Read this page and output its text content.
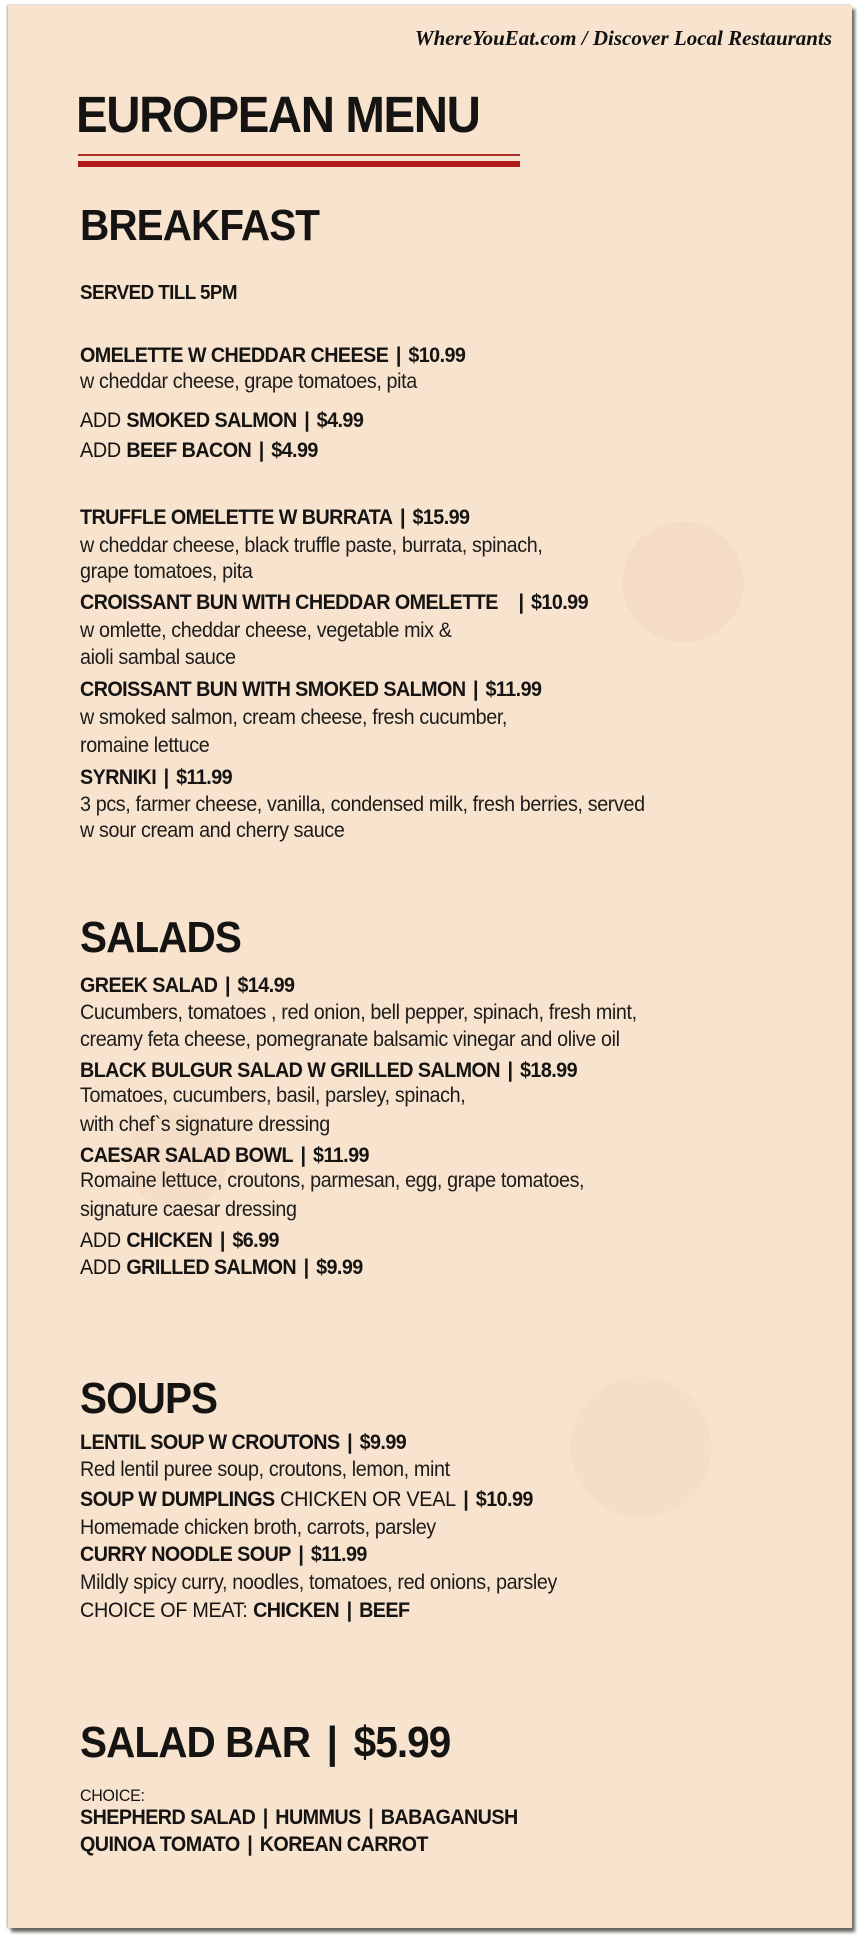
WhereYouEat.com / Discover Local Restaurants
EUROPEAN MENU
BREAKFAST
SERVED TILL 5PM
OMELETTE W CHEDDAR CHEESE | $10.99
w cheddar cheese, grape tomatoes, pita
ADD SMOKED SALMON | $4.99
ADD BEEF BACON | $4.99
TRUFFLE OMELETTE W BURRATA | $15.99
w cheddar cheese, black truffle paste, burrata, spinach,
grape tomatoes, pita
CROISSANT BUN WITH CHEDDAR OMELETTE | $10.99
w omlette, cheddar cheese, vegetable mix &
aioli sambal sauce
CROISSANT BUN WITH SMOKED SALMON | $11.99
w smoked salmon, cream cheese, fresh cucumber,
romaine lettuce
SYRNIKI | $11.99
3 pcs, farmer cheese, vanilla, condensed milk, fresh berries, served
w sour cream and cherry sauce
SALADS
GREEK SALAD | $14.99
Cucumbers, tomatoes , red onion, bell pepper, spinach, fresh mint,
creamy feta cheese, pomegranate balsamic vinegar and olive oil
BLACK BULGUR SALAD W GRILLED SALMON | $18.99
Tomatoes, cucumbers, basil, parsley, spinach,
with chef`s signature dressing
CAESAR SALAD BOWL | $11.99
Romaine lettuce, croutons, parmesan, egg, grape tomatoes,
signature caesar dressing
ADD CHICKEN | $6.99
ADD GRILLED SALMON | $9.99
SOUPS
LENTIL SOUP W CROUTONS | $9.99
Red lentil puree soup, croutons, lemon, mint
SOUP W DUMPLINGS CHICKEN OR VEAL | $10.99
Homemade chicken broth, carrots, parsley
CURRY NOODLE SOUP | $11.99
Mildly spicy curry, noodles, tomatoes, red onions, parsley
CHOICE OF MEAT: CHICKEN | BEEF
SALAD BAR | $5.99
CHOICE:
SHEPHERD SALAD | HUMMUS | BABAGANUSH
QUINOA TOMATO | KOREAN CARROT
